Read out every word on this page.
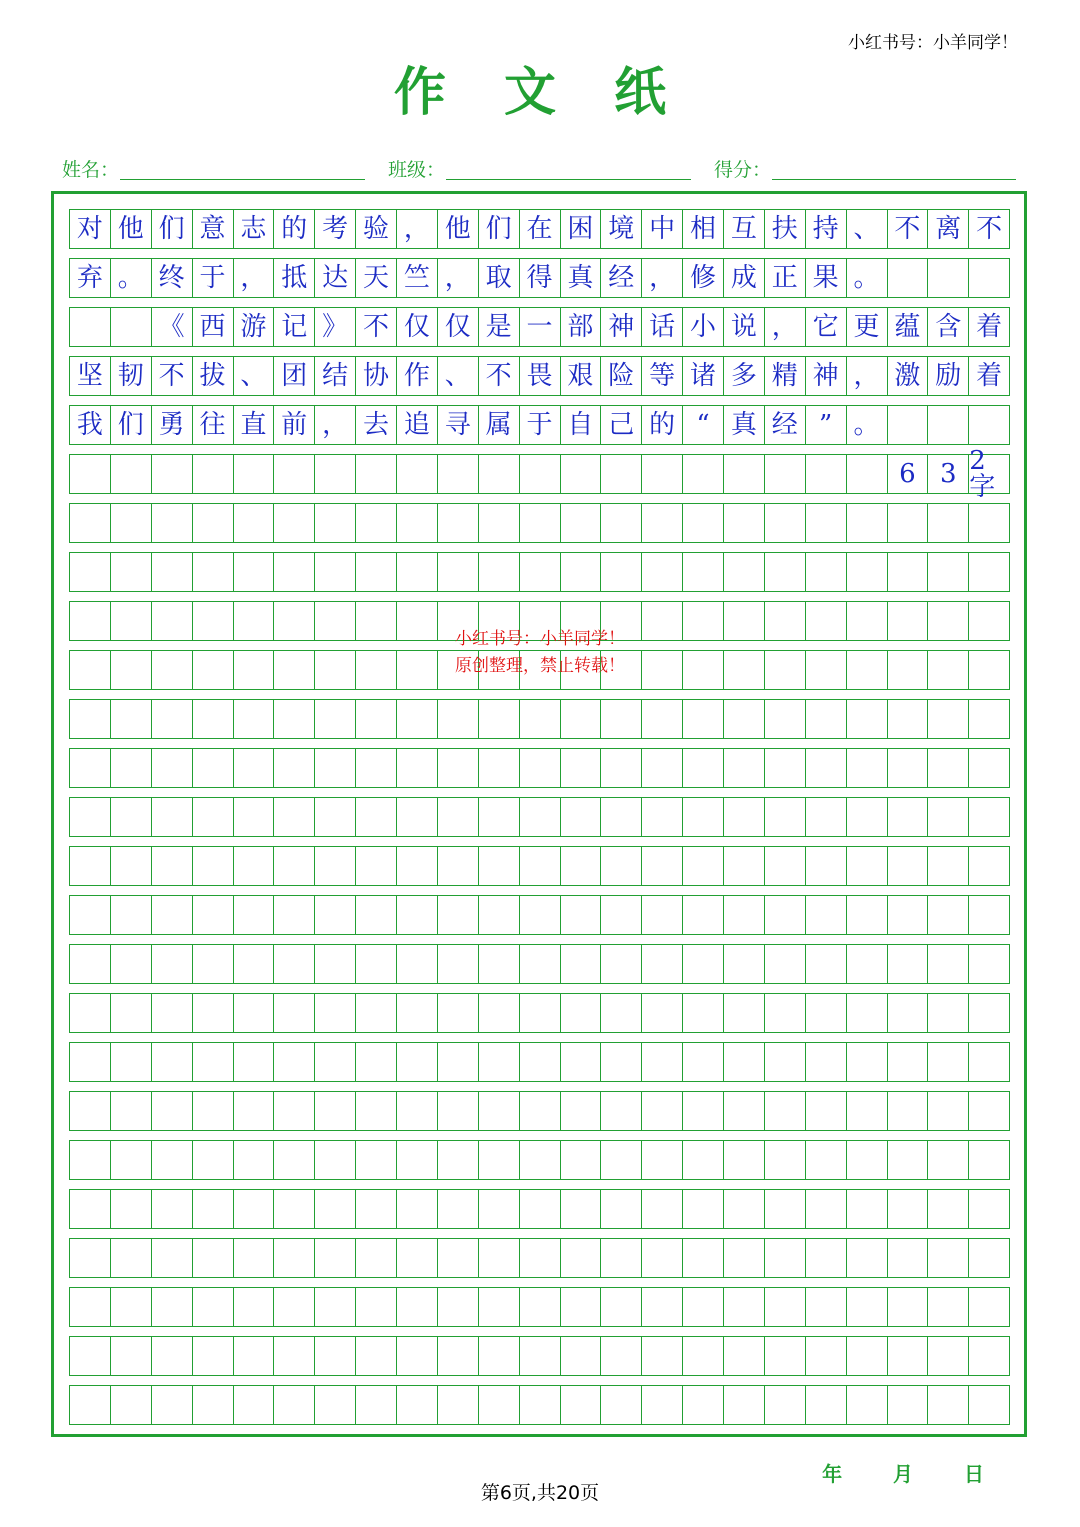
小红书号：小羊同学！
作 文 纸
姓名：	班级：	得分：
对 他 们 意 志 的 考 验 ， 他 们 在 困 境 中 相 互 扶 持 、 不 离 不
弃 。 终 于 ， 抵 达 天 竺 ， 取 得 真 经 ， 修 成 正 果 。
《 西 游 记 》 不 仅 仅 是 一 部 神 话 小 说 ， 它 更 蕴 含 着
坚 韧 不 拔 、 团 结 协 作 、 不 畏 艰 险 等 诸 多 精 神 ， 激 励 着
我 们 勇 往 直 前 ， 去 追 寻 属 于 自 己 的 “ 真 经 ” 。
6 3 2字
小红书号：小羊同学！
原创整理，禁止转载！
年	月	日
第6页,共20页
